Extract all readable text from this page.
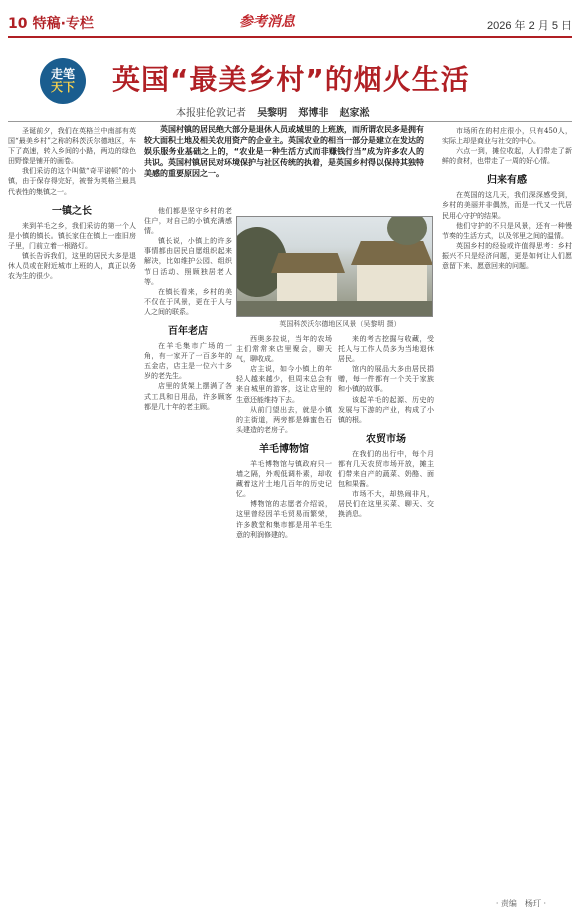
10 特稿·专栏	2026 年 2 月 5 日
参考消息
走笔
天下 英国“最美乡村”的烟火生活
本报驻伦敦记者 吴黎明 郑博非 赵家淞
英国村镇的居民绝大部分是退休人员或城里的上班族，而所谓农民多是拥有较大面积土地及相关农用资产的企业主。英国农业的相当一部分是建立在发达的娱乐服务业基础之上的，“农业是一种生活方式而非赚钱行当”成为许多农人的共识。英国村镇居民对环境保护与社区传统的执着，是英国乡村得以保持其独特美感的重要原因之一。

圣诞前夕，我们在英格兰中南部有英国“最美乡村”之称的科茨沃尔德地区，车下了高速，转入乡间的小路，两边的绿色田野像是铺开的画卷。

我们采访的这个叫做“奇平诺顿”的小镇，由于保存得完好，被誉为英格兰最具代表性的集镇之一。

一镇之长

来到羊毛之乡，我们采访的第一个人是小镇的镇长。镇长家住在镇上一座旧房子里，门前立着一根路灯。

镇长告诉我们，这里的居民大多是退休人员或在附近城市上班的人，真正以务农为生的很少。

他们都是坚守乡村的老住户，对自己的小镇充满感情。

镇长说，小镇上的许多事情都由居民自愿组织起来解决，比如维护公园、组织节日活动、照顾独居老人等。

在镇长看来，乡村的美不仅在于风景，更在于人与人之间的联系。

百年老店

在羊毛集市广场的一角，有一家开了一百多年的五金店，店主是一位六十多岁的老先生。

店里的货架上摆满了各式工具和日用品，许多顾客都是几十年的老主顾。

英国科茨沃尔德地区风景（吴黎明 摄）

西奥多拉说，当年的农场主们常常来店里聚会，聊天气，聊收成。

店主说，如今小镇上的年轻人越来越少，但周末总会有来自城里的游客，这让店里的生意还能维持下去。

从前门望出去，就是小镇的主街道，两旁都是蜂蜜色石头建造的老房子。

羊毛博物馆

羊毛博物馆与镇政府只一墙之隔，外观低调朴素，却收藏着这片土地几百年的历史记忆。

博物馆的志愿者介绍说，这里曾经因羊毛贸易而繁荣，许多教堂和集市都是用羊毛生意的利润修建的。

来的考古挖掘与收藏，受托人与工作人员多为当地退休居民。

馆内的展品大多由居民捐赠，每一件都有一个关于家族和小镇的故事。

该起羊毛的起源、历史的发展与下游的产业，构成了小镇的根。

农贸市场

在我们的出行中，每个月都有几天农贸市场开放，摊主们带来自产的蔬菜、奶酪、面包和果酱。

市场不大，却热闹非凡，居民们在这里买菜、聊天、交换消息。

市场所在的村庄很小，只有450人，实际上却是商业与社交的中心。

六点一到，摊位收起，人们带走了新鲜的食材，也带走了一周的好心情。

归来有感

在英国的这几天，我们深深感受到，乡村的美丽并非偶然，而是一代又一代居民用心守护的结果。

他们守护的不只是风景，还有一种慢节奏的生活方式，以及邻里之间的温情。

英国乡村的经验或许值得思考：乡村振兴不只是经济问题，更是如何让人们愿意留下来、愿意回来的问题。

· 责编　杨玎 ·
